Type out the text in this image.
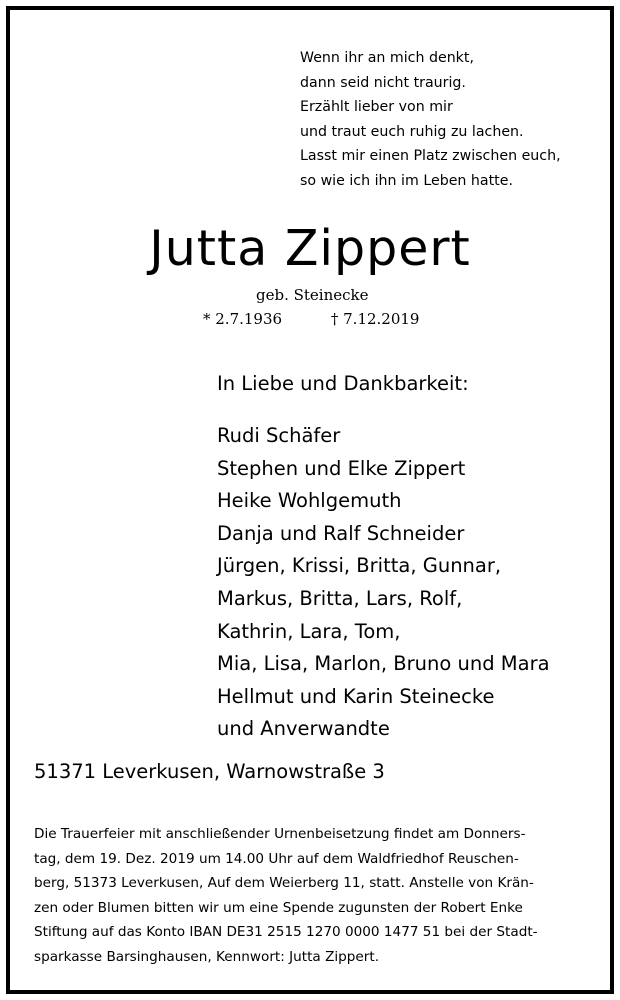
Wenn ihr an mich denkt,
dann seid nicht traurig.
Erzählt lieber von mir
und traut euch ruhig zu lachen.
Lasst mir einen Platz zwischen euch,
so wie ich ihn im Leben hatte.
Jutta Zippert
geb. Steinecke
* 2.7.1936	† 7.12.2019
In Liebe und Dankbarkeit:
Rudi Schäfer
Stephen und Elke Zippert
Heike Wohlgemuth
Danja und Ralf Schneider
Jürgen, Krissi, Britta, Gunnar,
Markus, Britta, Lars, Rolf,
Kathrin, Lara, Tom,
Mia, Lisa, Marlon, Bruno und Mara
Hellmut und Karin Steinecke
und Anverwandte
51371 Leverkusen, Warnowstraße 3
Die Trauerfeier mit anschließender Urnenbeisetzung findet am Donners-
tag, dem 19. Dez. 2019 um 14.00 Uhr auf dem Waldfriedhof Reuschen-
berg, 51373 Leverkusen, Auf dem Weierberg 11, statt. Anstelle von Krän-
zen oder Blumen bitten wir um eine Spende zugunsten der Robert Enke
Stiftung auf das Konto IBAN DE31 2515 1270 0000 1477 51 bei der Stadt-
sparkasse Barsinghausen, Kennwort: Jutta Zippert.
